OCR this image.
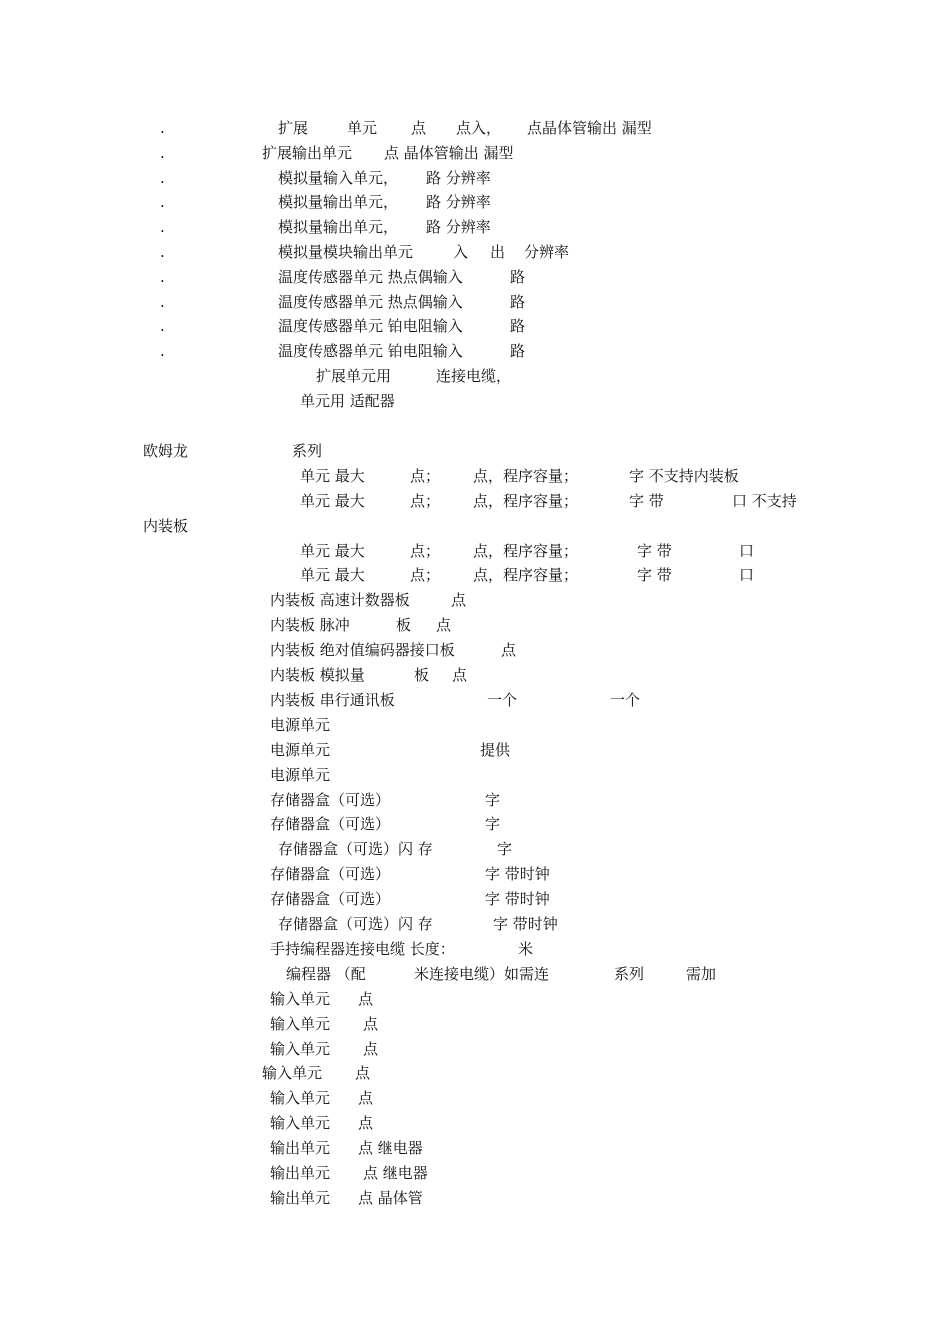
.	扩展	单元 点 点入， 点晶体管输出 漏型
.	扩展输出单元 点 晶体管输出 漏型
.	模拟量输入单元， 路 分辨率
.	模拟量输出单元， 路 分辨率
.	模拟量输出单元， 路 分辨率
.	模拟量模块输出单元	入 出 分辨率
.	温度传感器单元 热点偶输入	路
.	温度传感器单元 热点偶输入	路
.	温度传感器单元 铂电阻输入	路
.	温度传感器单元 铂电阻输入	路
扩展单元用	连接电缆，
单元用 适配器
欧姆龙	系列
单元 最大	点； 点，程序容量；	字 不支持内装板
单元 最大	点； 点，程序容量；	字 带	口 不支持
内装板
单元 最大	点； 点，程序容量；	字 带	口
单元 最大	点； 点，程序容量；	字 带	口
内装板 高速计数器板	点
内装板 脉冲	板 点
内装板 绝对值编码器接口板	点
内装板 模拟量	板 点
内装板 串行通讯板	一个	一个
电源单元
电源单元	提供
电源单元
存储器盒（可选）	字
存储器盒（可选）	字
存储器盒（可选）闪 存	字
存储器盒（可选）	字 带时钟
存储器盒（可选）	字 带时钟
存储器盒（可选）闪 存	字 带时钟
手持编程器连接电缆 长度：	米
编程器 （配	米连接电缆）如需连	系列	需加
输入单元 点
输入单元 点
输入单元 点
输入单元 点
输入单元 点
输入单元 点
输出单元 点 继电器
输出单元 点 继电器
输出单元 点 晶体管
